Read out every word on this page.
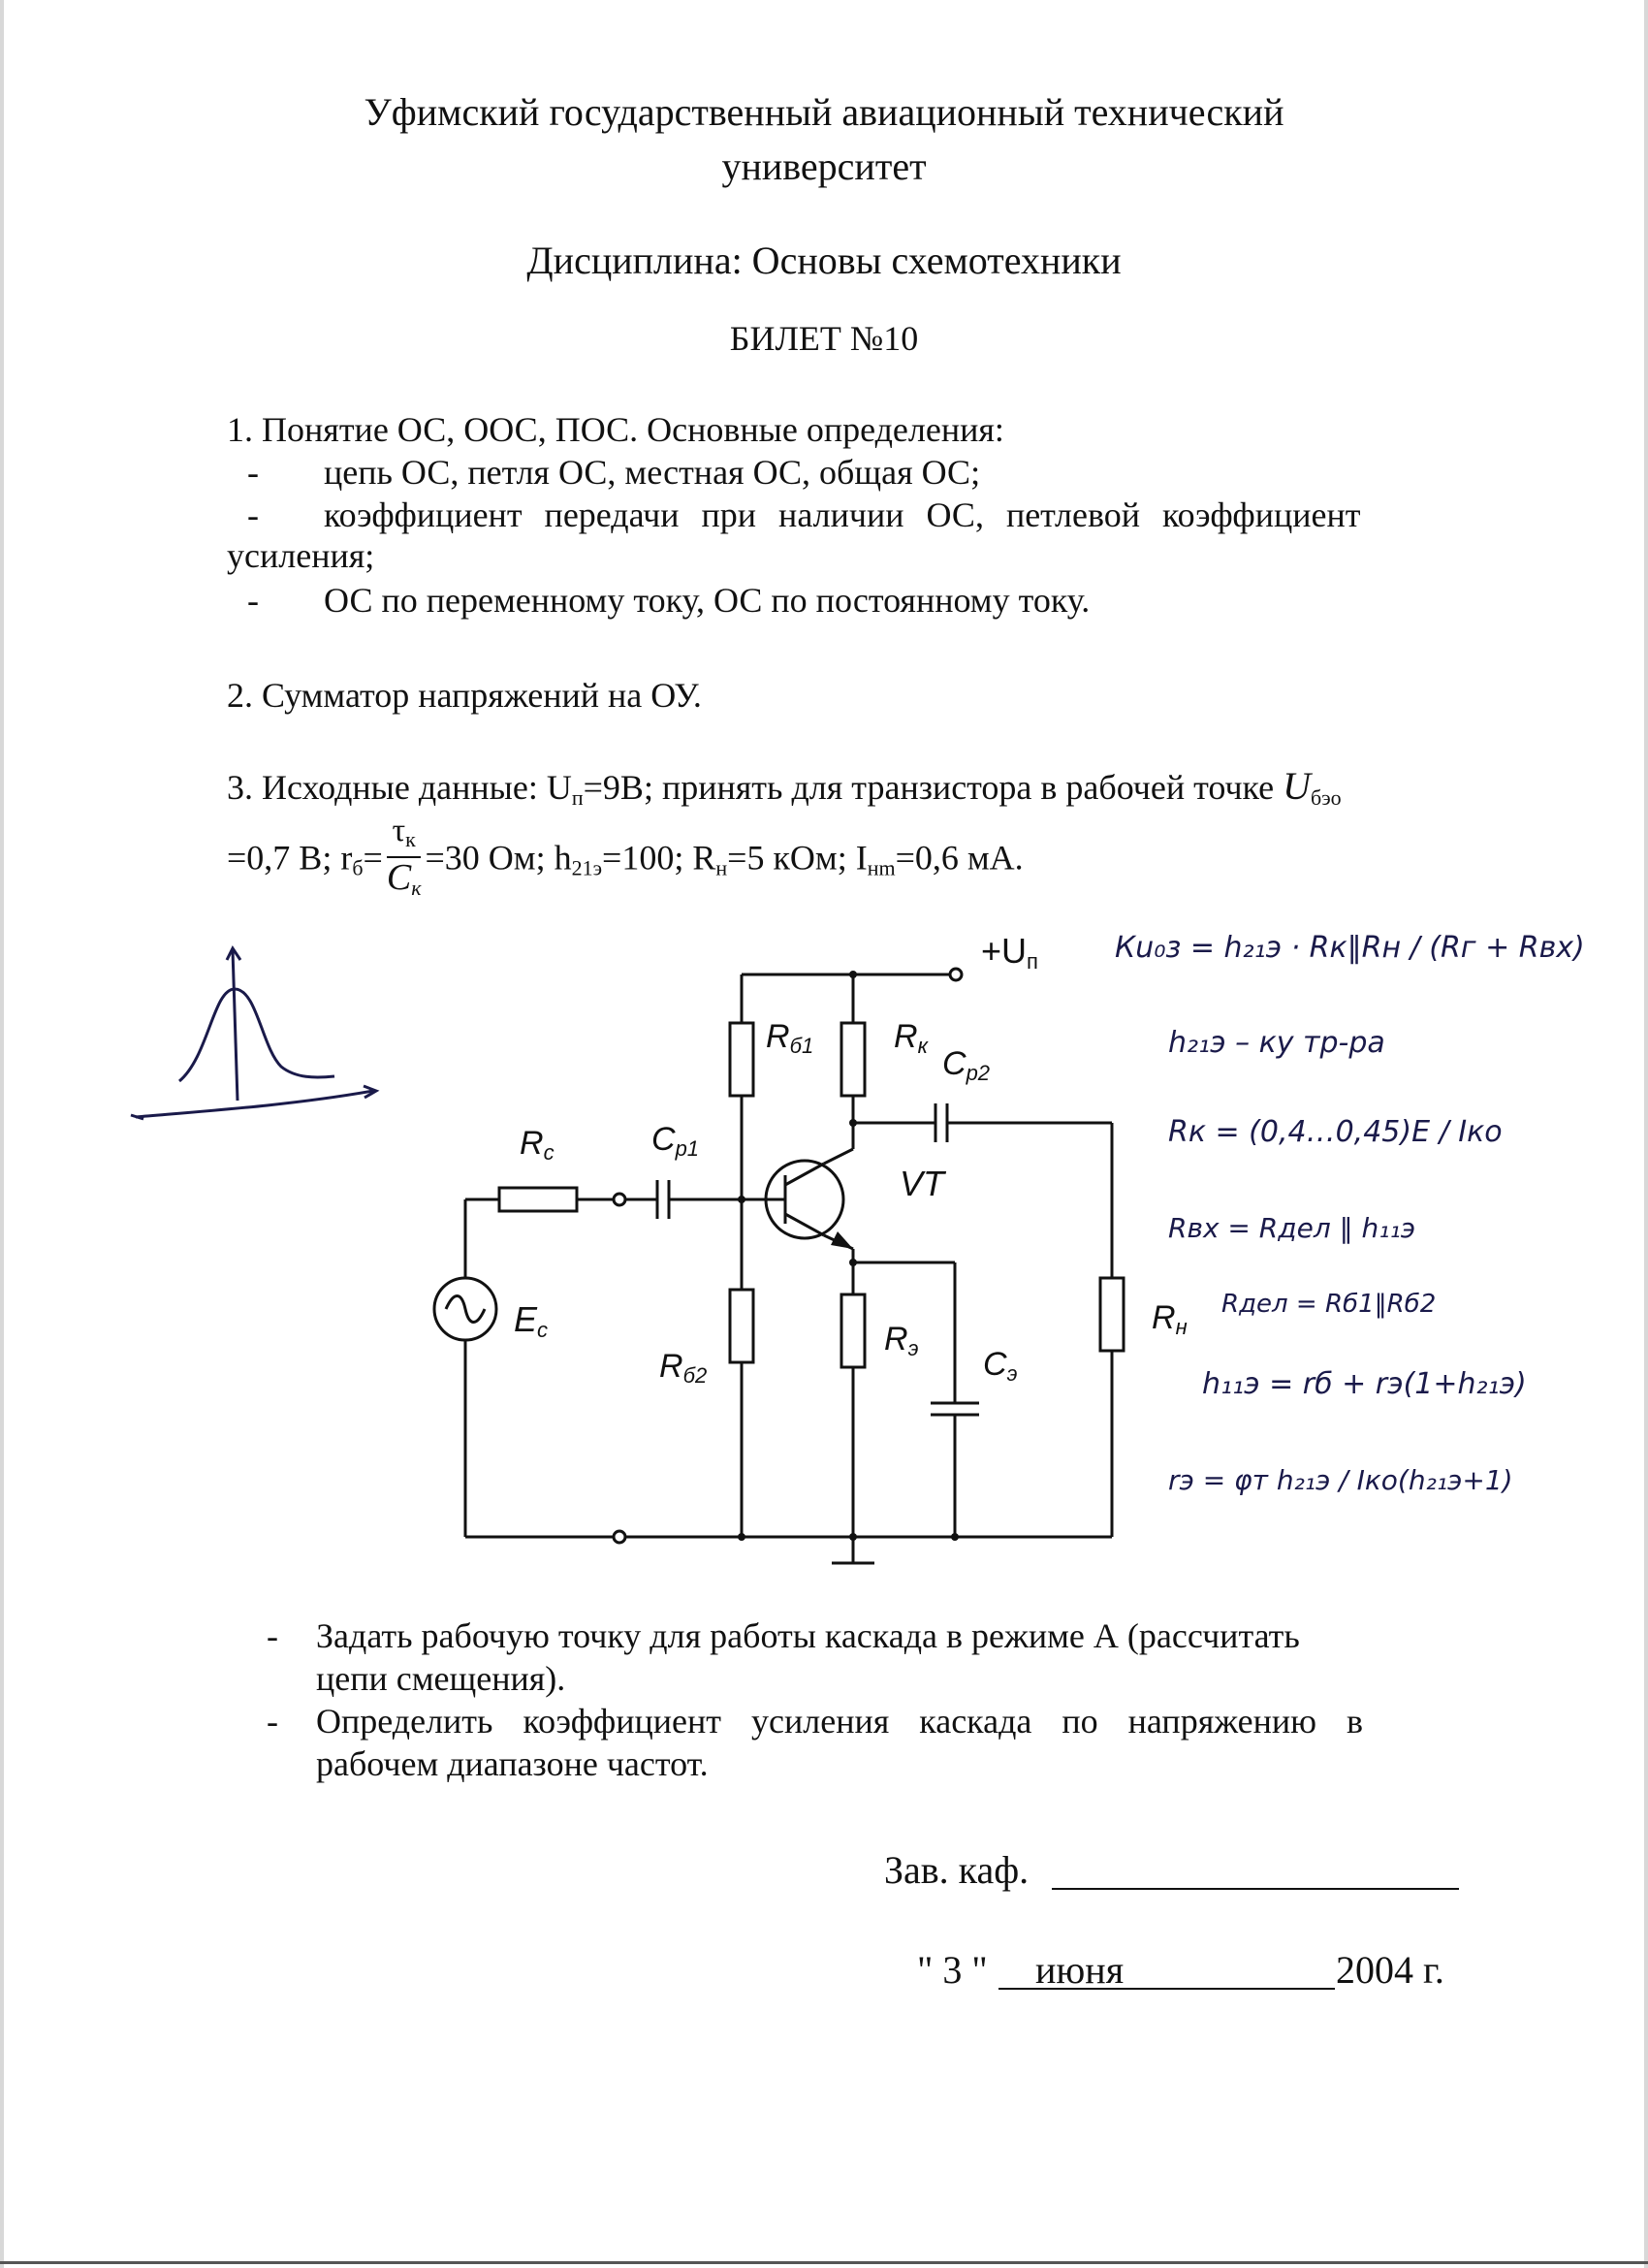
Уфимский государственный авиационный технический
университет
Дисциплина: Основы схемотехники
БИЛЕТ №10
1. Понятие ОС, ООС, ПОС. Основные определения:
- цепь ОС, петля ОС, местная ОС, общая ОС;
- коэффициент передачи при наличии ОС, петлевой коэффициент
усиления;
- ОС по переменному току, ОС по постоянному току.
2. Сумматор напряжений на ОУ.
3. Исходные данные: $U_п=9В$; принять для транзистора в рабочей точке $U_{бэо}$
=0,7 В; $r_б= \frac{\tau_к}{C_к} =30$ Ом; $h_{21э}=100$; $R_н=5$ кОм; $I_{нm}=0,6$ мА.
$+U_п$
$R_{б1}$ $R_к$ $C_{р2}$
$R_с$	$C_{р1}$
VT
$E_с$	$R_н$
$R_{б2}$
$R_э$ $C_э$
Кu₀з = h₂₁э · Rк‖Rн / (Rг + Rвх)
h₂₁э – ку тр-ра
Rк = (0,4…0,45)E / Iко
Rвх = Rдел ‖ h₁₁э
Rдел = Rб1‖Rб2
h₁₁э = rб + rэ(1+h₂₁э)
rэ = φт h₂₁э / Iко(h₂₁э+1)
- Задать рабочую точку для работы каскада в режиме А (рассчитать
цепи смещения).
- Определить коэффициент усиления каскада по напряжению в
рабочем диапазоне частот.
Зав. каф.
" 3 " июня	2004 г.
